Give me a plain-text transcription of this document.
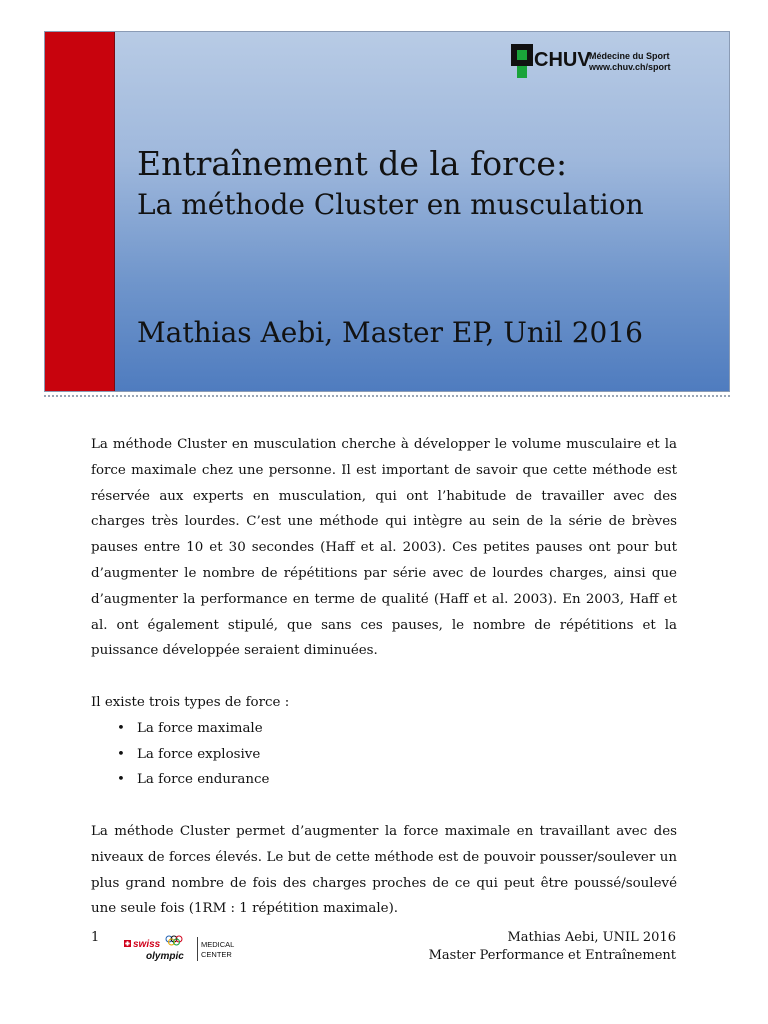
CHUV
Médecine du Sport
www.chuv.ch/sport
Entraînement de la force:
La méthode Cluster en musculation
Mathias Aebi, Master EP, Unil 2016

La méthode Cluster en musculation cherche à développer le volume musculaire et la force maximale chez une personne. Il est important de savoir que cette méthode est réservée aux experts en musculation, qui ont l’habitude de travailler avec des charges très lourdes. C’est une méthode qui intègre au sein de la série de brèves pauses entre 10 et 30 secondes (Haff et al. 2003). Ces petites pauses ont pour but d’augmenter le nombre de répétitions par série avec de lourdes charges, ainsi que d’augmenter la performance en terme de qualité (Haff et al. 2003). En 2003, Haff et al. ont également stipulé, que sans ces pauses, le nombre de répétitions et la puissance développée seraient diminuées.

Il existe trois types de force :

• La force maximale
• La force explosive
• La force endurance

La méthode Cluster permet d’augmenter la force maximale en travaillant avec des niveaux de forces élevés. Le but de cette méthode est de pouvoir pousser/soulever un plus grand nombre de fois des charges proches de ce qui peut être poussé/soulevé une seule fois (1RM : 1 répétition maximale).

1	swiss
olympic
MEDICAL
CENTER
Mathias Aebi, UNIL 2016
Master Performance et Entraînement
